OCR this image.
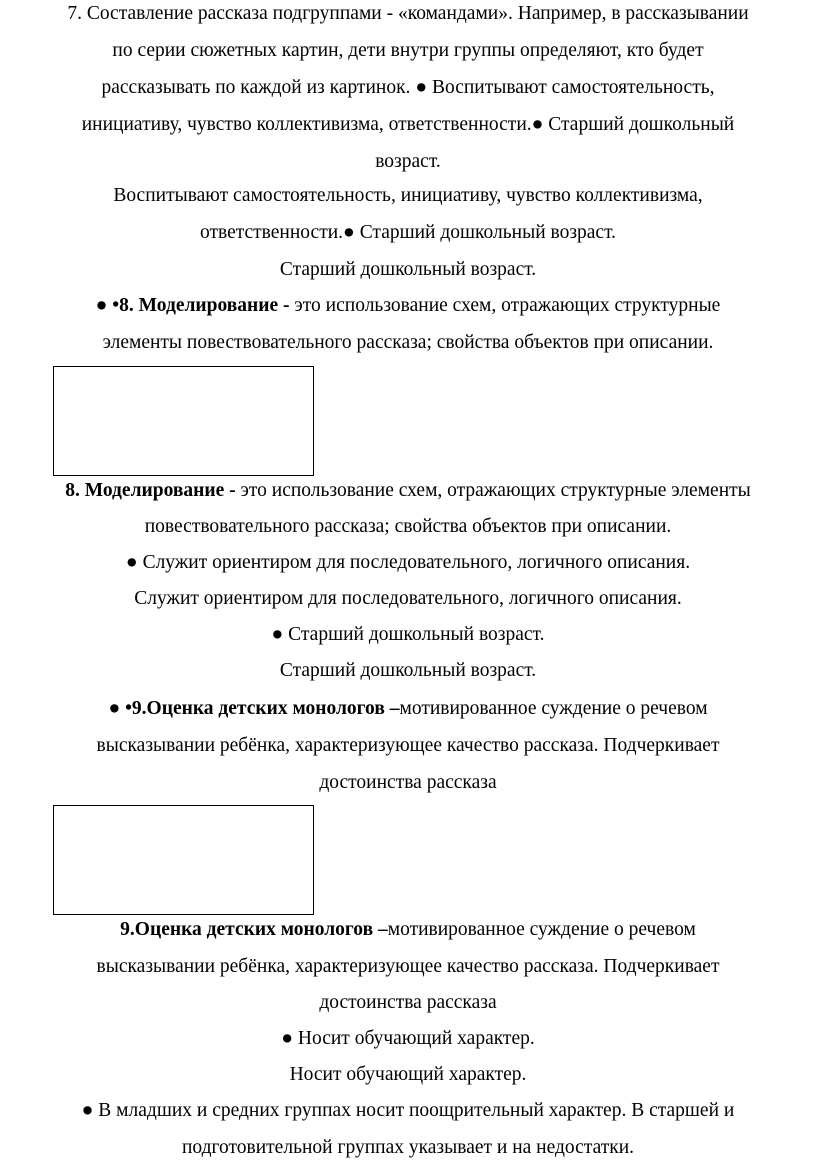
7. Составление рассказа подгруппами - «командами». Например, в рассказывании
по серии сюжетных картин, дети внутри группы определяют, кто будет
рассказывать по каждой из картинок. ● Воспитывают самостоятельность,
инициативу, чувство коллективизма, ответственности.● Старший дошкольный
возраст.
Воспитывают самостоятельность, инициативу, чувство коллективизма,
ответственности.● Старший дошкольный возраст.
Старший дошкольный возраст.
● •8. Моделирование - это использование схем, отражающих структурные
элементы повествовательного рассказа; свойства объектов при описании.
8. Моделирование - это использование схем, отражающих структурные элементы
повествовательного рассказа; свойства объектов при описании.
● Служит ориентиром для последовательного, логичного описания.
Служит ориентиром для последовательного, логичного описания.
● Старший дошкольный возраст.
Старший дошкольный возраст.
● •9.Оценка детских монологов –мотивированное суждение о речевом
высказывании ребёнка, характеризующее качество рассказа. Подчеркивает
достоинства рассказа
9.Оценка детских монологов –мотивированное суждение о речевом
высказывании ребёнка, характеризующее качество рассказа. Подчеркивает
достоинства рассказа
● Носит обучающий характер.
Носит обучающий характер.
● В младших и средних группах носит поощрительный характер. В старшей и
подготовительной группах указывает и на недостатки.
